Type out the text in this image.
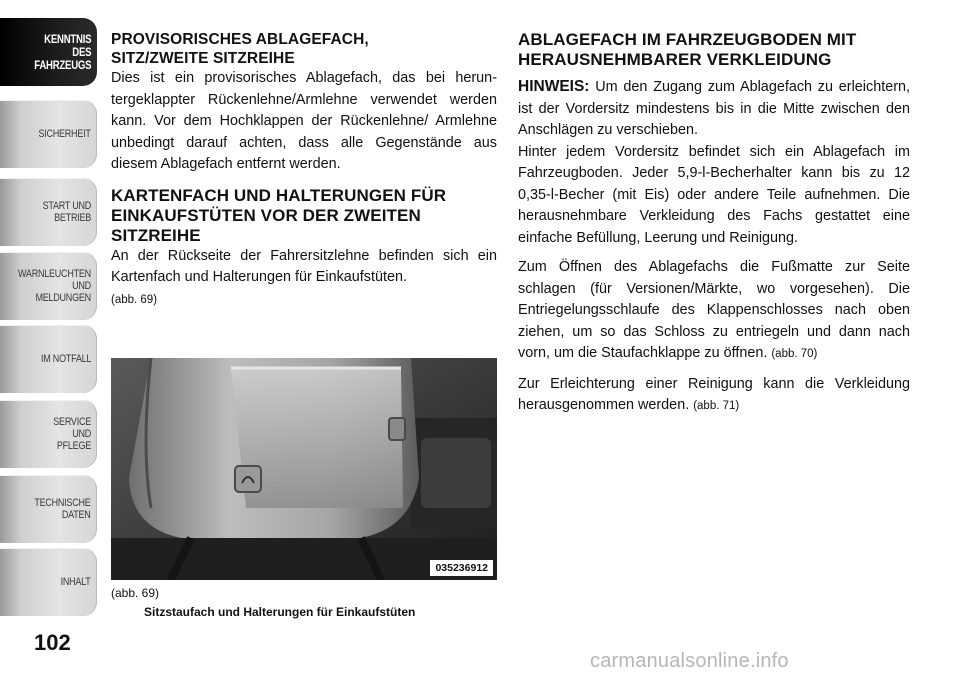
KENNTNIS
DES
FAHRZEUGS
SICHERHEIT
START UND
BETRIEB
WARNLEUCHTEN
UND
MELDUNGEN
IM NOTFALL
SERVICE
UND
PFLEGE
TECHNISCHE
DATEN
INHALT
102
PROVISORISCHES ABLAGEFACH,
SITZ/ZWEITE SITZREIHE

Dies ist ein provisorisches Ablagefach, das bei heruntergeklappter Rückenlehne/Armlehne verwendet werden kann. Vor dem Hochklappen der Rückenlehne/ Armlehne unbedingt darauf achten, dass alle Gegenstände aus diesem Ablagefach entfernt werden.

KARTENFACH UND HALTERUNGEN FÜR
EINKAUFSTÜTEN VOR DER ZWEITEN
SITZREIHE

An der Rückseite der Fahrersitzlehne befinden sich ein Kartenfach und Halterungen für Einkaufstüten.
(abb. 69)

035236912
(abb. 69)
Sitzstaufach und Halterungen für Einkaufstüten
ABLAGEFACH IM FAHRZEUGBODEN MIT
HERAUSNEHMBARER VERKLEIDUNG

HINWEIS: Um den Zugang zum Ablagefach zu erleichtern, ist der Vordersitz mindestens bis in die Mitte zwischen den Anschlägen zu verschieben.

Hinter jedem Vordersitz befindet sich ein Ablagefach im Fahrzeugboden. Jeder 5,9-l-Becherhalter kann bis zu 12 0,35-l-Becher (mit Eis) oder andere Teile aufnehmen. Die herausnehmbare Verkleidung des Fachs gestattet eine einfache Befüllung, Leerung und Reinigung.

Zum Öffnen des Ablagefachs die Fußmatte zur Seite schlagen (für Versionen/Märkte, wo vorgesehen). Die Entriegelungsschlaufe des Klappenschlosses nach oben ziehen, um so das Schloss zu entriegeln und dann nach vorn, um die Staufachklappe zu öffnen. (abb. 70)

Zur Erleichterung einer Reinigung kann die Verkleidung herausgenommen werden. (abb. 71)

carmanualsonline.info
